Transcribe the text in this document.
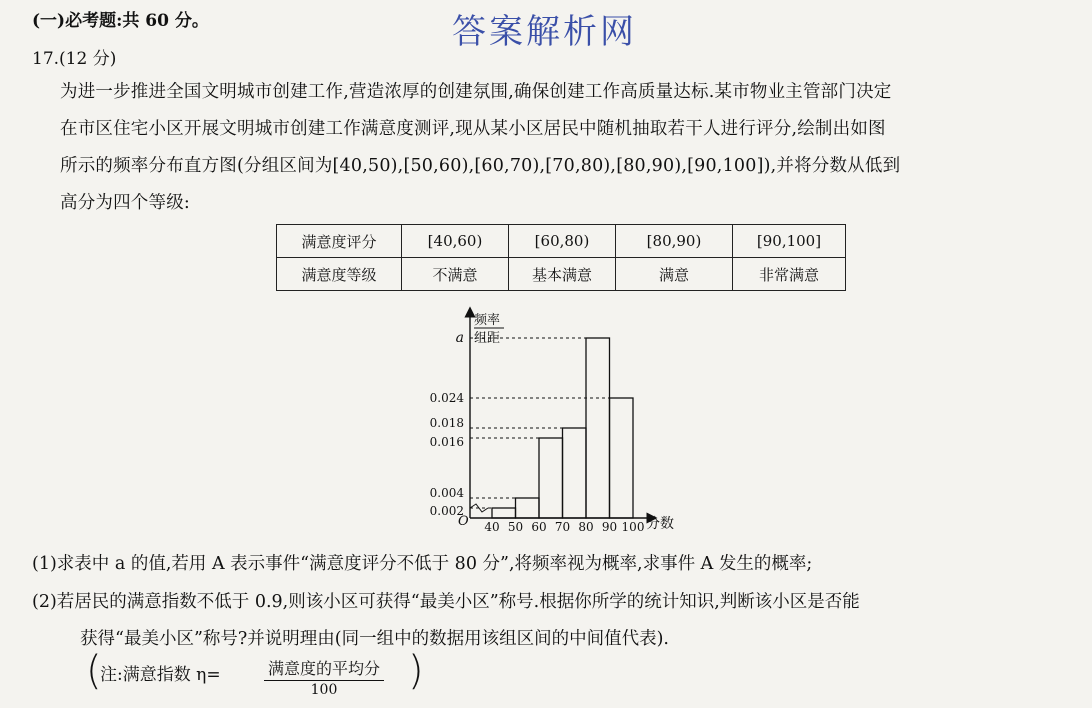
(一)必考题:共 60 分。	答案解析网
17.(12 分)
为进一步推进全国文明城市创建工作,营造浓厚的创建氛围,确保创建工作高质量达标.某市物业主管部门决定
在市区住宅小区开展文明城市创建工作满意度测评,现从某小区居民中随机抽取若干人进行评分,绘制出如图
所示的频率分布直方图(分组区间为[40,50),[50,60),[60,70),[70,80),[80,90),[90,100]),并将分数从低到
高分为四个等级:
满意度评分	[40,60)	[60,80)	[80,90)	[90,100]
满意度等级	不满意	基本满意	满意	非常满意
0.002
0.004
0.016
0.018
0.024
a
40 50 60 70 80 90 100
频率
组距
O	分数
(1)求表中 a 的值,若用 A 表示事件“满意度评分不低于 80 分”,将频率视为概率,求事件 A 发生的概率;
(2)若居民的满意指数不低于 0.9,则该小区可获得“最美小区”称号.根据你所学的统计知识,判断该小区是否能
获得“最美小区”称号?并说明理由(同一组中的数据用该组区间的中间值代表).
(
注:满意指数 η=	满意度的平均分
100	)
